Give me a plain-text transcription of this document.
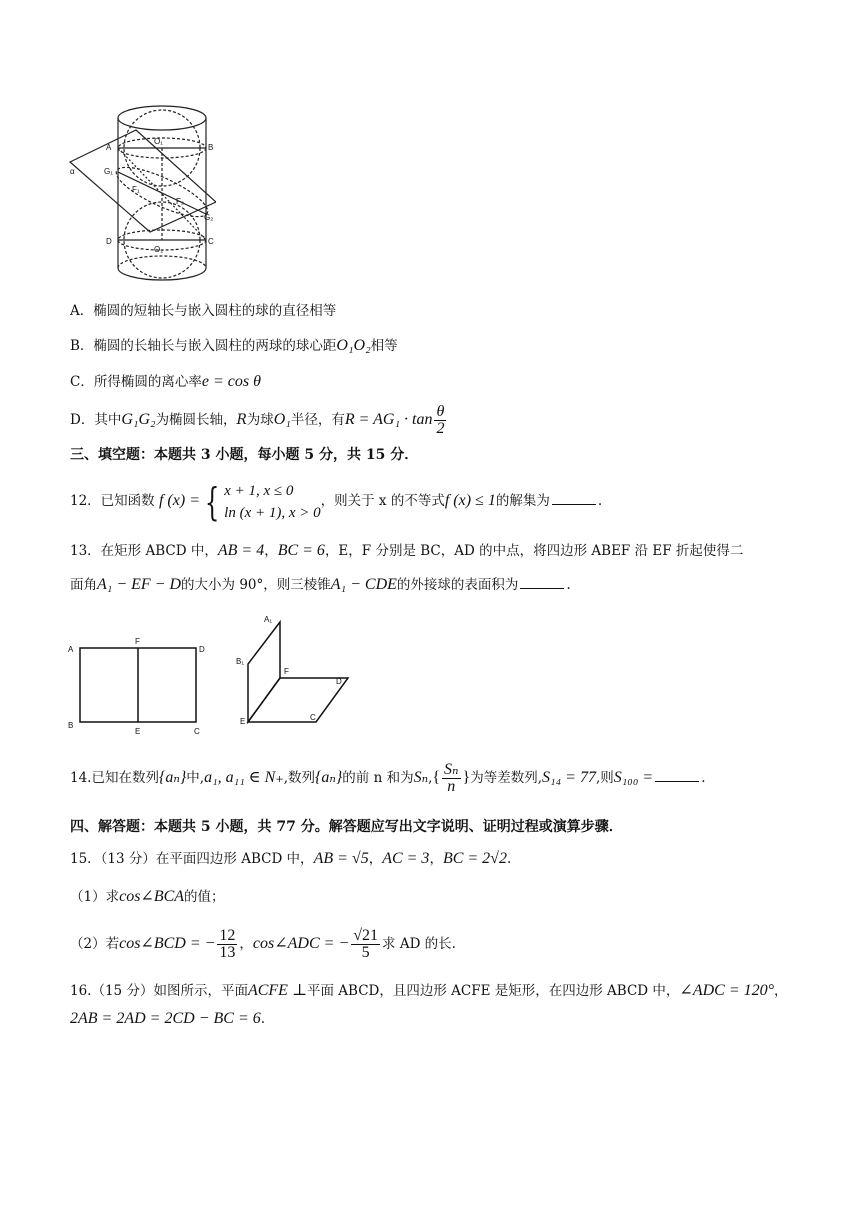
A	B
O₁
G₁
F₁
F₂
G₂
D	C
O₂
α
A．椭圆的短轴长与嵌入圆柱的球的直径相等
B．椭圆的长轴长与嵌入圆柱的两球的球心距O₁O₂相等
C．所得椭圆的离心率e = cos θ
D．其中G₁G₂为椭圆长轴，R为球O₁半径，有$R = AG_1 \cdot \tan \frac{\theta}{2}$
三、填空题：本题共 3 小题，每小题 5 分，共 15 分．
12．已知函数 f (x) = { x + 1, x ≤ 0
ln (x + 1), x > 0
，则关于 x 的不等式f (x) ≤ 1的解集为	.
13．在矩形 ABCD 中，AB = 4，BC = 6，E，F 分别是 BC，AD 的中点，将四边形 ABEF 沿 EF 折起使得二
面角A₁ − EF − D的大小为 90°，则三棱锥A₁ − CDE的外接球的表面积为	.
A
F
D
B
E	C
A₁
B₁
F
D
E	C
14.已知在数列{aₙ}中,a₁, a₁₁ ∈ N₊,数列{aₙ}的前 n 和为$S_n,\{ \frac{\text{Sₙ}}{n}$ }为等差数列,S₁₄ = 77,则S₁₀₀ =	.
四、解答题：本题共 5 小题，共 77 分。解答题应写出文字说明、证明过程或演算步骤．
15．（13 分）在平面四边形 ABCD 中，AB = √5，AC = 3，BC = 2√2.
（1）求cos∠BCA的值；
（2）若cos∠BCD = − $\frac{12}{13}$ ，cos∠ADC = − $\frac{√21}{5}$ 求 AD 的长.
16.（15 分）如图所示，平面ACFE ⊥平面 ABCD，且四边形 ACFE 是矩形，在四边形 ABCD 中，∠ADC = 120°，
2AB = 2AD = 2CD − BC = 6.
